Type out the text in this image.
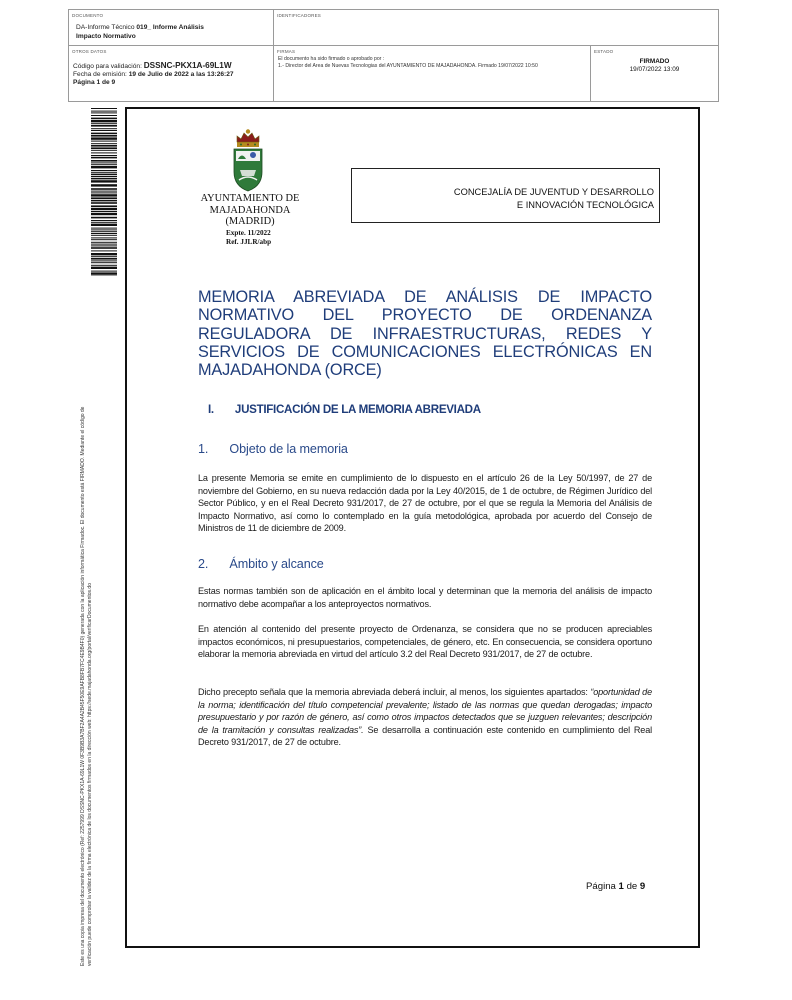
DOCUMENTO
DA-Informe Técnico 019_ Informe Análisis
Impacto Normativo
IDENTIFICADORES
OTROS DATOS
Código para validación: DSSNC-PKX1A-69L1W
Fecha de emisión: 19 de Julio de 2022 a las 13:26:27
Página 1 de 9
FIRMAS
El documento ha sido firmado o aprobado por :
1.- Director del Area de Nuevas Tecnologias del AYUNTAMIENTO DE MAJADAHONDA. Firmado 19/07/2022 10:50
ESTADO
FIRMADO
19/07/2022 13:09
Este es una copia impresa del documento electrónico (Ref: 2257999 DSSNC-PKX1A-69L1W 0F3B9B3A7BF2A4A2B45F50E9AFB8FB7FC4E9B4F0) generada con la aplicación informática Firmadoc. El documento está FIRMADO. Mediante el código de verificación puede comprobar la validez de la firma electrónica de los documentos firmados en la dirección web: https://sede.majadahonda.org/portal/verificarDocumentos.do
AYUNTAMIENTO DE
MAJADAHONDA
(MADRID)
Expte. 11/2022
Ref. JJLR/abp
CONCEJALÍA DE JUVENTUD Y DESARROLLO
E INNOVACIÓN TECNOLÓGICA
MEMORIA ABREVIADA DE ANÁLISIS DE IMPACTO NORMATIVO DEL PROYECTO DE ORDENANZA REGULADORA DE INFRAESTRUCTURAS, REDES Y SERVICIOS DE COMUNICACIONES ELECTRÓNICAS EN MAJADAHONDA (ORCE)
I. JUSTIFICACIÓN DE LA MEMORIA ABREVIADA
1. Objeto de la memoria
La presente Memoria se emite en cumplimiento de lo dispuesto en el artículo 26 de la Ley 50/1997, de 27 de noviembre del Gobierno, en su nueva redacción dada por la Ley 40/2015, de 1 de octubre, de Régimen Jurídico del Sector Público, y en el Real Decreto 931/2017, de 27 de octubre, por el que se regula la Memoria del Análisis de Impacto Normativo, así como lo contemplado en la guía metodológica, aprobada por acuerdo del Consejo de Ministros de 11 de diciembre de 2009.
2. Ámbito y alcance
Estas normas también son de aplicación en el ámbito local y determinan que la memoria del análisis de impacto normativo debe acompañar a los anteproyectos normativos.
En atención al contenido del presente proyecto de Ordenanza, se considera que no se producen apreciables impactos económicos, ni presupuestarios, competenciales, de género, etc. En consecuencia, se considera oportuno elaborar la memoria abreviada en virtud del artículo 3.2 del Real Decreto 931/2017, de 27 de octubre.
Dicho precepto señala que la memoria abreviada deberá incluir, al menos, los siguientes apartados: “oportunidad de la norma; identificación del título competencial prevalente; listado de las normas que quedan derogadas; impacto presupuestario y por razón de género, así como otros impactos detectados que se juzguen relevantes; descripción de la tramitación y consultas realizadas”. Se desarrolla a continuación este contenido en cumplimiento del Real Decreto 931/2017, de 27 de octubre.
Página 1 de 9
